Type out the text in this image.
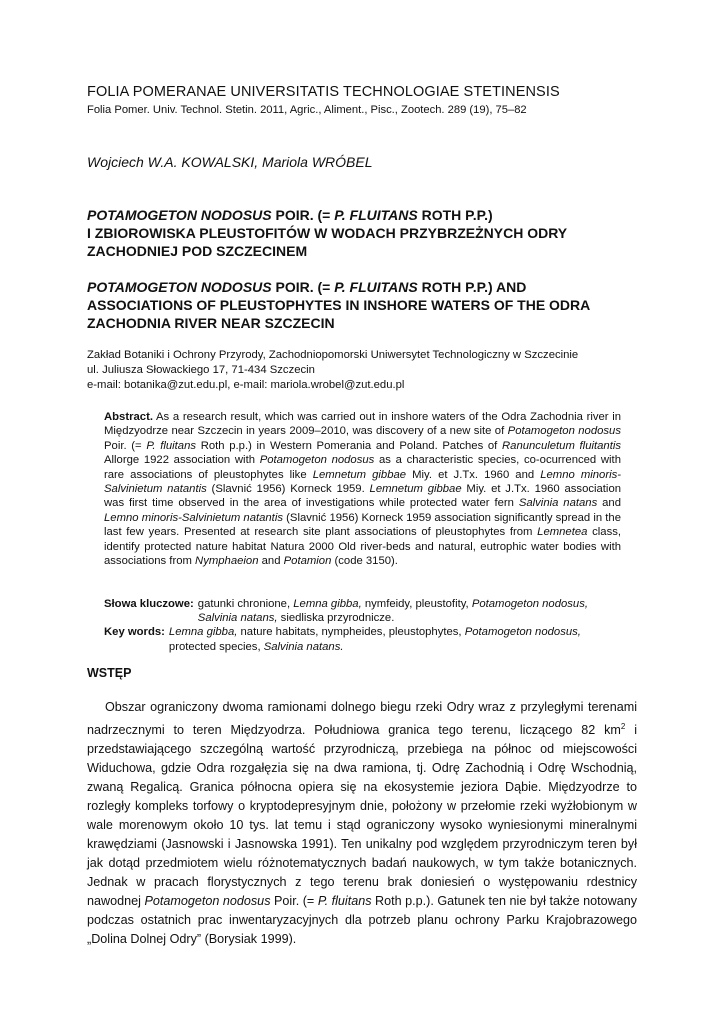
FOLIA POMERANAE UNIVERSITATIS TECHNOLOGIAE STETINENSIS
Folia Pomer. Univ. Technol. Stetin. 2011, Agric., Aliment., Pisc., Zootech. 289 (19), 75–82
Wojciech W.A. KOWALSKI, Mariola WRÓBEL
POTAMOGETON NODOSUS POIR. (= P. FLUITANS ROTH P.P.)
I ZBIOROWISKA PLEUSTOFITÓW W WODACH PRZYBRZEŻNYCH ODRY ZACHODNIEJ POD SZCZECINEM
POTAMOGETON NODOSUS POIR. (= P. FLUITANS ROTH P.P.) AND
ASSOCIATIONS OF PLEUSTOPHYTES IN INSHORE WATERS OF THE ODRA ZACHODNIA RIVER NEAR SZCZECIN
Zakład Botaniki i Ochrony Przyrody, Zachodniopomorski Uniwersytet Technologiczny w Szczecinie
ul. Juliusza Słowackiego 17, 71-434 Szczecin
e-mail: botanika@zut.edu.pl, e-mail: mariola.wrobel@zut.edu.pl
Abstract. As a research result, which was carried out in inshore waters of the Odra Zachodnia river in Międzyodrze near Szczecin in years 2009–2010, was discovery of a new site of Potamogeton nodosus Poir. (= P. fluitans Roth p.p.) in Western Pomerania and Poland. Patches of Ranunculetum fluitantis Allorge 1922 association with Potamogeton nodosus as a characteristic species, co-ocurrenced with rare associations of pleustophytes like Lemnetum gibbae Miy. et J.Tx. 1960 and Lemno minoris-Salvinietum natantis (Slavnić 1956) Korneck 1959. Lemnetum gibbae Miy. et J.Tx. 1960 association was first time observed in the area of investigations while protected water fern Salvinia natans and Lemno minoris-Salvinietum natantis (Slavnić 1956) Korneck 1959 association significantly spread in the last few years. Presented at research site plant associations of pleustophytes from Lemnetea class, identify protected nature habitat Natura 2000 Old river-beds and natural, eutrophic water bodies with associations from Nymphaeion and Potamion (code 3150).
Słowa kluczowe: gatunki chronione, Lemna gibba, nymfeidy, pleustofity, Potamogeton nodosus, Salvinia natans, siedliska przyrodnicze.
Key words: Lemna gibba, nature habitats, nympheides, pleustophytes, Potamogeton nodosus, protected species, Salvinia natans.
WSTĘP

Obszar ograniczony dwoma ramionami dolnego biegu rzeki Odry wraz z przyległymi terenami nadrzecznymi to teren Międzyodrza. Południowa granica tego terenu, liczącego 82 $km^2$ i przedstawiającego szczególną wartość przyrodniczą, przebiega na północ od miejscowości Widuchowa, gdzie Odra rozgałęzia się na dwa ramiona, tj. Odrę Zachodnią i Odrę Wschodnią, zwaną Regalicą. Granica północna opiera się na ekosystemie jeziora Dąbie. Międzyodrze to rozległy kompleks torfowy o kryptodepresyjnym dnie, położony w przełomie rzeki wyżłobionym w wale morenowym około 10 tys. lat temu i stąd ograniczony wysoko wyniesionymi mineralnymi krawędziami (Jasnowski i Jasnowska 1991). Ten unikalny pod względem przyrodniczym teren był jak dotąd przedmiotem wielu różnotematycznych badań naukowych, w tym także botanicznych. Jednak w pracach florystycznych z tego terenu brak doniesień o występowaniu rdestnicy nawodnej Potamogeton nodosus Poir. (= P. fluitans Roth p.p.). Gatunek ten nie był także notowany podczas ostatnich prac inwentaryzacyjnych dla potrzeb planu ochrony Parku Krajobrazowego „Dolina Dolnej Odry” (Borysiak 1999).
